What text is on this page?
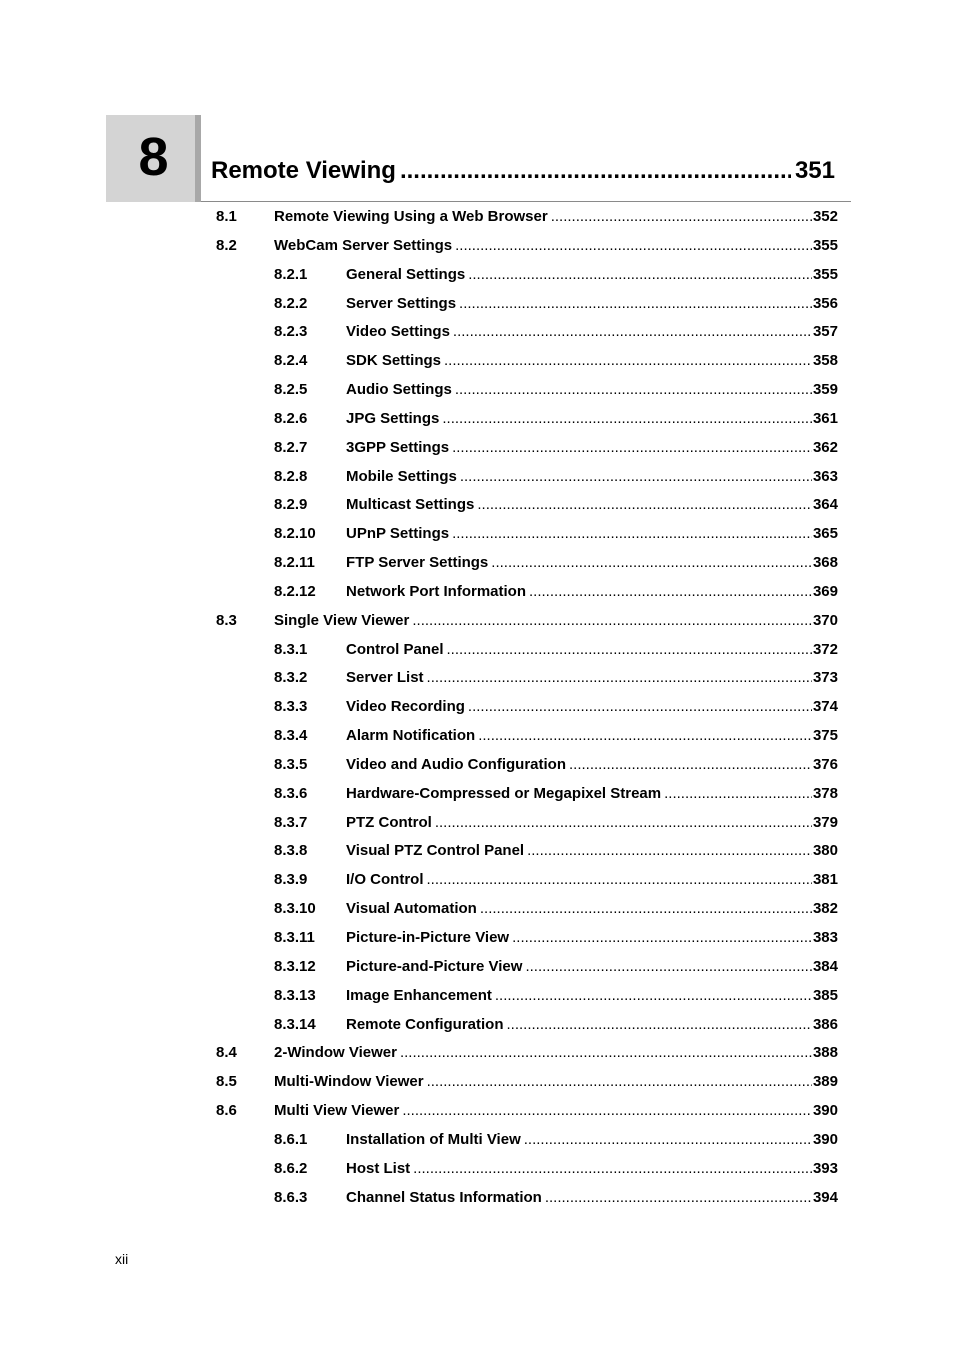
8	Remote Viewing .....	351
8.1 Remote Viewing Using a Web Browser .....	352
8.2 WebCam Server Settings .....	355
8.2.1	General Settings .....	355
8.2.2	Server Settings .....	356
8.2.3	Video Settings .....	357
8.2.4	SDK Settings .....	358
8.2.5	Audio Settings .....	359
8.2.6	JPG Settings .....	361
8.2.7	3GPP Settings .....	362
8.2.8	Mobile Settings .....	363
8.2.9	Multicast Settings .....	364
8.2.10 UPnP Settings .....	365
8.2.11 FTP Server Settings .....	368
8.2.12 Network Port Information .....	369
8.3 Single View Viewer .....	370
8.3.1	Control Panel .....	372
8.3.2	Server List .....	373
8.3.3	Video Recording .....	374
8.3.4	Alarm Notification .....	375
8.3.5	Video and Audio Configuration .....	376
8.3.6	Hardware-Compressed or Megapixel Stream .....	378
8.3.7	PTZ Control .....	379
8.3.8	Visual PTZ Control Panel .....	380
8.3.9	I/O Control .....	381
8.3.10 Visual Automation .....	382
8.3.11 Picture-in-Picture View .....	383
8.3.12 Picture-and-Picture View .....	384
8.3.13 Image Enhancement .....	385
8.3.14 Remote Configuration .....	386
8.4 2-Window Viewer .....	388
8.5 Multi-Window Viewer .....	389
8.6 Multi View Viewer .....	390
8.6.1	Installation of Multi View .....	390
8.6.2	Host List .....	393
8.6.3	Channel Status Information .....	394
xii
